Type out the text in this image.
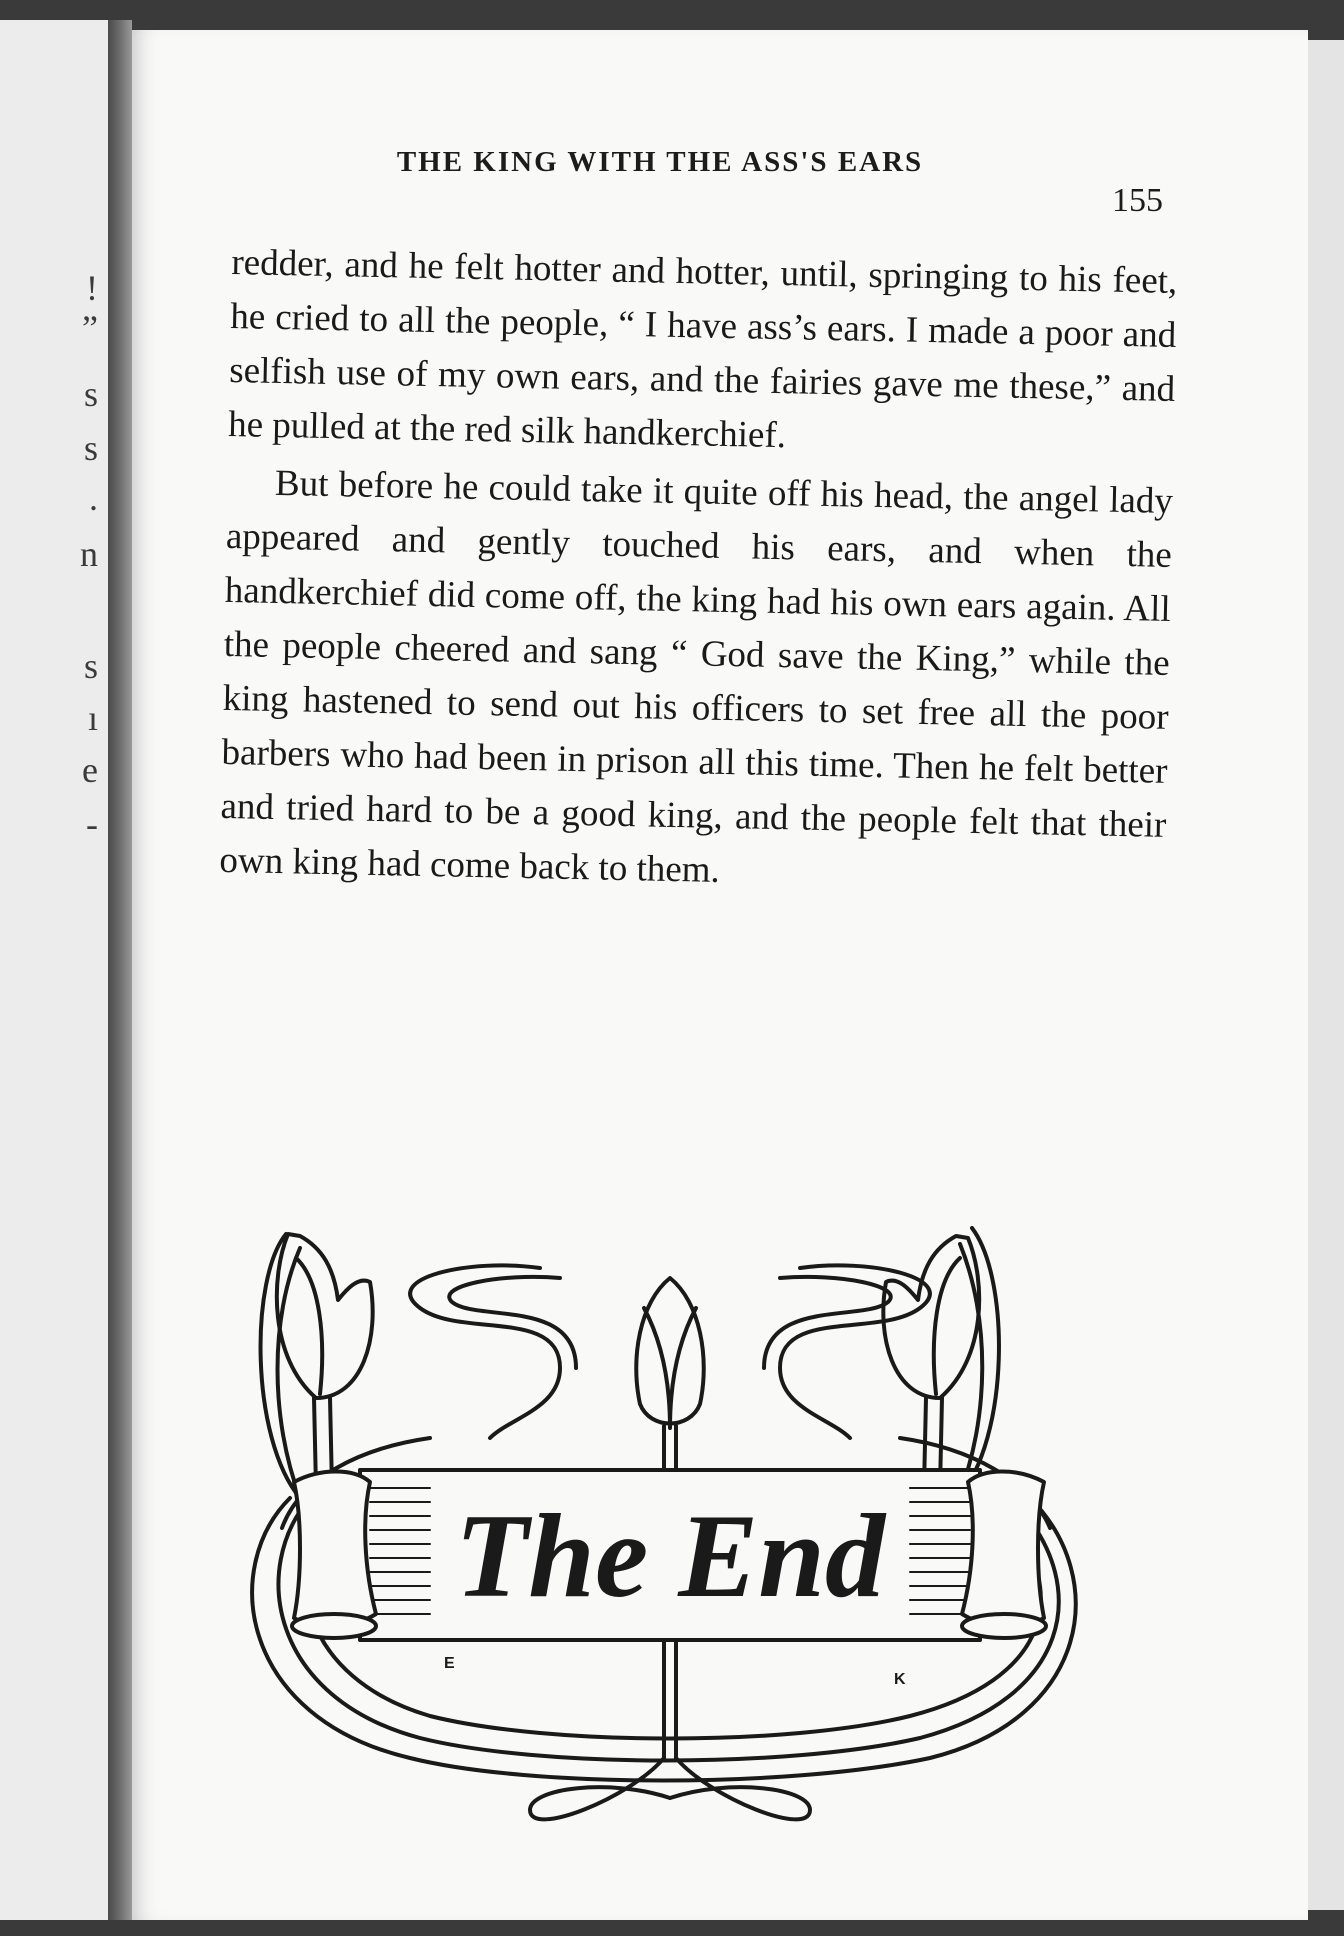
!
”
s
s
.
n
s
ı
e
-
THE KING WITH THE ASS'S EARS

155

redder, and he felt hotter and hotter, until, springing to his feet, he cried to all the people, “ I have ass’s ears. I made a poor and selfish use of my own ears, and the fairies gave me these,” and he pulled at the red silk handkerchief.

But before he could take it quite off his head, the angel lady appeared and gently touched his ears, and when the handkerchief did come off, the king had his own ears again. All the people cheered and sang “ God save the King,” while the king hastened to send out his officers to set free all the poor barbers who had been in prison all this time. Then he felt better and tried hard to be a good king, and the people felt that their own king had come back to them.

The End
E
K
